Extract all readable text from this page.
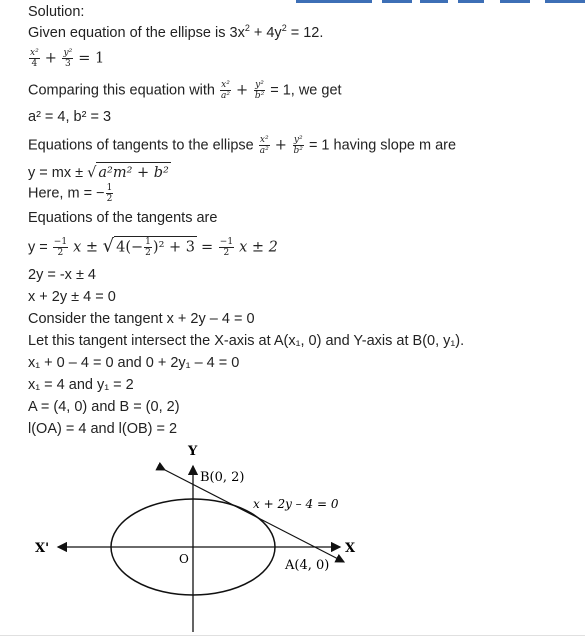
Solution:
Given equation of the ellipse is $3x^2 + 4y^2 = 12$.
$\frac{\text{x²}}{4} + \frac{\text{y²}}{3} = 1$
Comparing this equation with $\frac{\text{x²}}{\text{a²}} + \frac{\text{y²}}{\text{b²}} = 1$, we get
a² = 4, b² = 3
Equations of tangents to the ellipse $\frac{\text{x²}}{\text{a²}} + \frac{\text{y²}}{\text{b²}} = 1$ having slope m are
y = mx ± √ a²m² + b²
Here, m = − $\frac{1}{2}$
Equations of the tangents are
$y = \frac{-1}{2}$ x ± √ $4(- \frac{1}{2} )^2 + 3 = \frac{-1}{2}$ x ± 2
2y = -x ± 4
x + 2y ± 4 = 0
Consider the tangent x + 2y – 4 = 0
Let this tangent intersect the X-axis at A(x₁, 0) and Y-axis at B(0, y₁).
x₁ + 0 – 4 = 0 and 0 + 2y₁ – 4 = 0
x₁ = 4 and y₁ = 2
A = (4, 0) and B = (0, 2)
l(OA) = 4 and l(OB) = 2
Y
X
X'
O
B(0, 2)
A(4, 0)
x + 2y – 4 = 0
